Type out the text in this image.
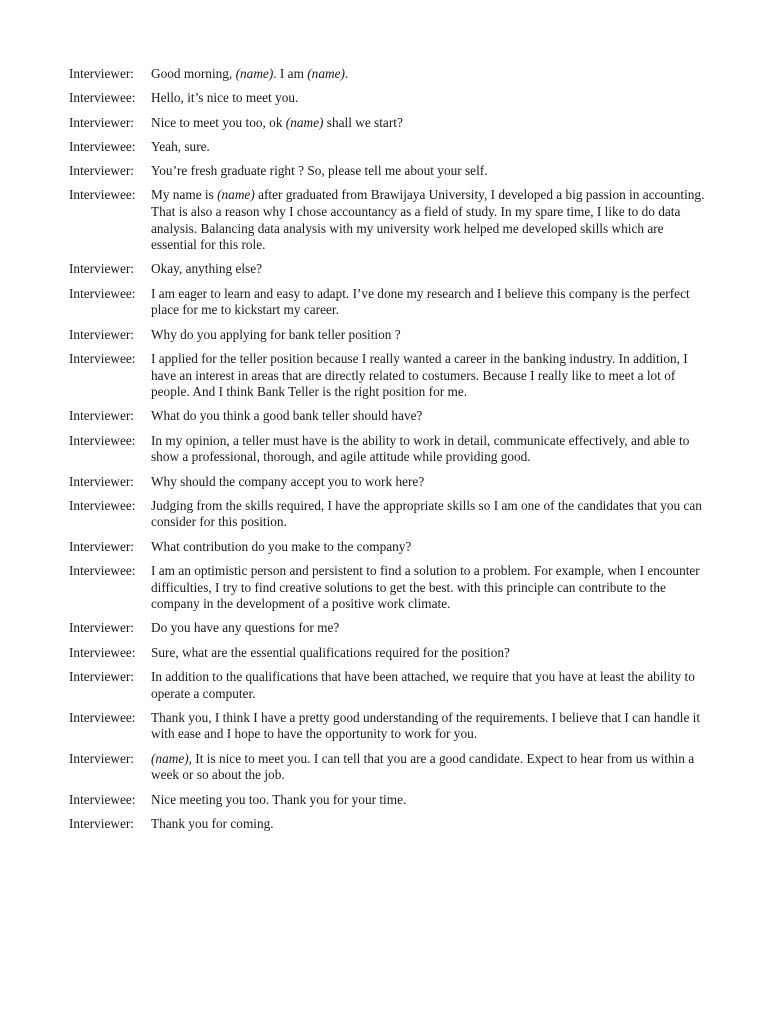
Interviewer:	Good morning, (name). I am (name).
Interviewee:	Hello, it’s nice to meet you.
Interviewer:	Nice to meet you too, ok (name) shall we start?
Interviewee:	Yeah, sure.
Interviewer:	You’re fresh graduate right ? So, please tell me about your self.
Interviewee:	My name is (name) after graduated from Brawijaya University, I developed a big passion in accounting. That is also a reason why I chose accountancy as a field of study. In my spare time, I like to do data analysis. Balancing data analysis with my university work helped me developed skills which are essential for this role.
Interviewer:	Okay, anything else?
Interviewee:	I am eager to learn and easy to adapt. I’ve done my research and I believe this company is the perfect place for me to kickstart my career.
Interviewer:	Why do you applying for bank teller position ?
Interviewee:	I applied for the teller position because I really wanted a career in the banking industry. In addition, I have an interest in areas that are directly related to costumers. Because I really like to meet a lot of people. And I think Bank Teller is the right position for me.
Interviewer:	What do you think a good bank teller should have?
Interviewee:	In my opinion, a teller must have is the ability to work in detail, communicate effectively, and able to show a professional, thorough, and agile attitude while providing good.
Interviewer:	Why should the company accept you to work here?
Interviewee:	Judging from the skills required, I have the appropriate skills so I am one of the candidates that you can consider for this position.
Interviewer:	What contribution do you make to the company?
Interviewee:	I am an optimistic person and persistent to find a solution to a problem. For example, when I encounter difficulties, I try to find creative solutions to get the best. with this principle can contribute to the company in the development of a positive work climate.
Interviewer:	Do you have any questions for me?
Interviewee:	Sure, what are the essential qualifications required for the position?
Interviewer:	In addition to the qualifications that have been attached, we require that you have at least the ability to operate a computer.
Interviewee:	Thank you, I think I have a pretty good understanding of the requirements. I believe that I can handle it with ease and I hope to have the opportunity to work for you.
Interviewer:	(name), It is nice to meet you. I can tell that you are a good candidate. Expect to hear from us within a week or so about the job.
Interviewee:	Nice meeting you too. Thank you for your time.
Interviewer:	Thank you for coming.
